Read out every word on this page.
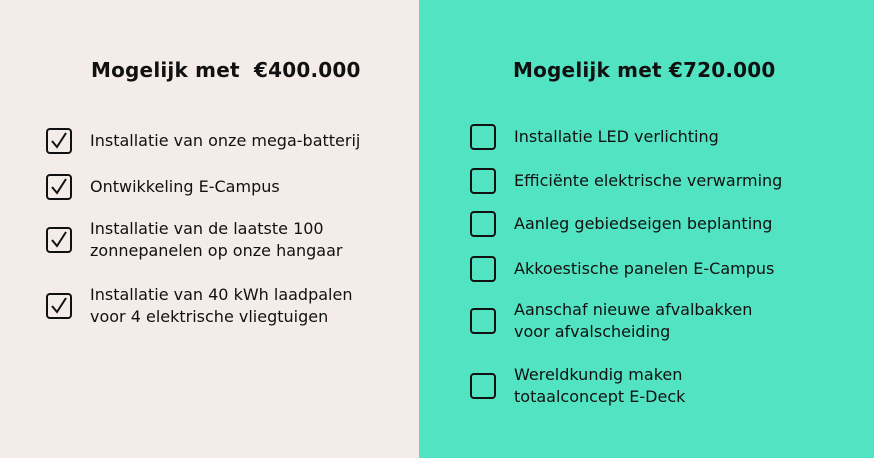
Mogelijk met  €400.000
Installatie van onze mega-batterij
Ontwikkeling E-Campus
Installatie van de laatste 100
zonnepanelen op onze hangaar
Installatie van 40 kWh laadpalen
voor 4 elektrische vliegtuigen
Mogelijk met €720.000
Installatie LED verlichting
Efficiënte elektrische verwarming
Aanleg gebiedseigen beplanting
Akkoestische panelen E-Campus
Aanschaf nieuwe afvalbakken
voor afvalscheiding
Wereldkundig maken
totaalconcept E-Deck
